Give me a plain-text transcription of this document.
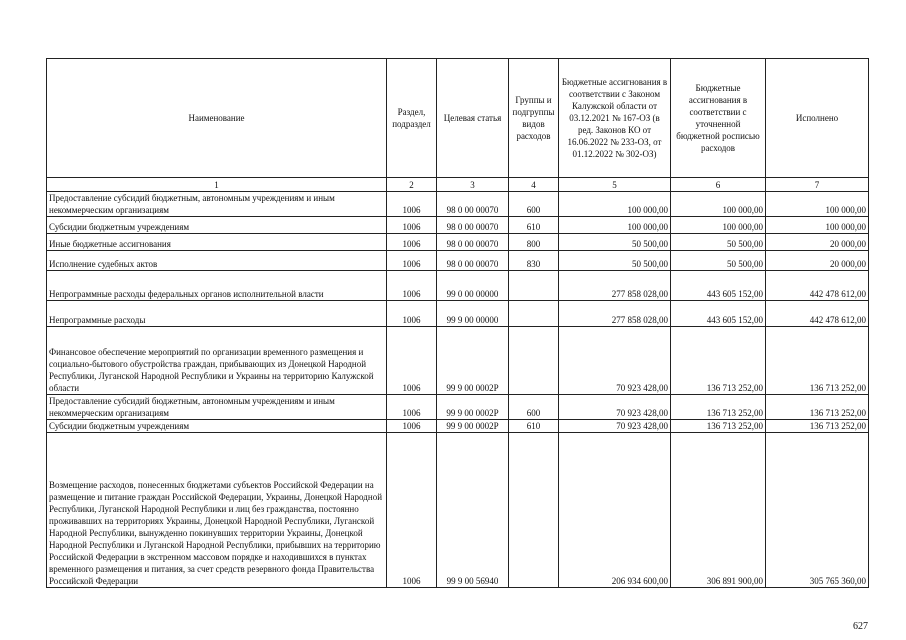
Наименование	Раздел, подраздел	Целевая статья	Группы и подгруппы видов расходов	Бюджетные ассигнования в соответствии с Законом Калужской области от 03.12.2021 № 167-ОЗ (в ред. Законов КО от 16.06.2022 № 233-ОЗ, от 01.12.2022 № 302-ОЗ)	Бюджетные ассигнования в соответствии с уточненной бюджетной росписью расходов	Исполнено
1	2	3	4	5	6	7
Предоставление субсидий бюджетным, автономным учреждениям и иным некоммерческим организациям	1006	98 0 00 00070	600	100 000,00	100 000,00	100 000,00
Субсидии бюджетным учреждениям	1006	98 0 00 00070	610	100 000,00	100 000,00	100 000,00
Иные бюджетные ассигнования	1006	98 0 00 00070	800	50 500,00	50 500,00	20 000,00
Исполнение судебных актов	1006	98 0 00 00070	830	50 500,00	50 500,00	20 000,00
Непрограммные расходы федеральных органов исполнительной власти	1006	99 0 00 00000		277 858 028,00	443 605 152,00	442 478 612,00
Непрограммные расходы	1006	99 9 00 00000		277 858 028,00	443 605 152,00	442 478 612,00
Финансовое обеспечение мероприятий по организации временного размещения и социально-бытового обустройства граждан, прибывающих из Донецкой Народной Республики, Луганской Народной Республики и Украины на территорию Калужской области	1006	99 9 00 0002Р		70 923 428,00	136 713 252,00	136 713 252,00
Предоставление субсидий бюджетным, автономным учреждениям и иным некоммерческим организациям	1006	99 9 00 0002Р	600	70 923 428,00	136 713 252,00	136 713 252,00
Субсидии бюджетным учреждениям	1006	99 9 00 0002Р	610	70 923 428,00	136 713 252,00	136 713 252,00
Возмещение расходов, понесенных бюджетами субъектов Российской Федерации на размещение и питание граждан Российской Федерации, Украины, Донецкой Народной Республики, Луганской Народной Республики и лиц без гражданства, постоянно проживавших на территориях Украины, Донецкой Народной Республики, Луганской Народной Республики, вынужденно покинувших территории Украины, Донецкой Народной Республики и Луганской Народной Республики, прибывших на территорию Российской Федерации в экстренном массовом порядке и находившихся в пунктах временного размещения и питания, за счет средств резервного фонда Правительства Российской Федерации	1006	99 9 00 56940		206 934 600,00	306 891 900,00	305 765 360,00
627
